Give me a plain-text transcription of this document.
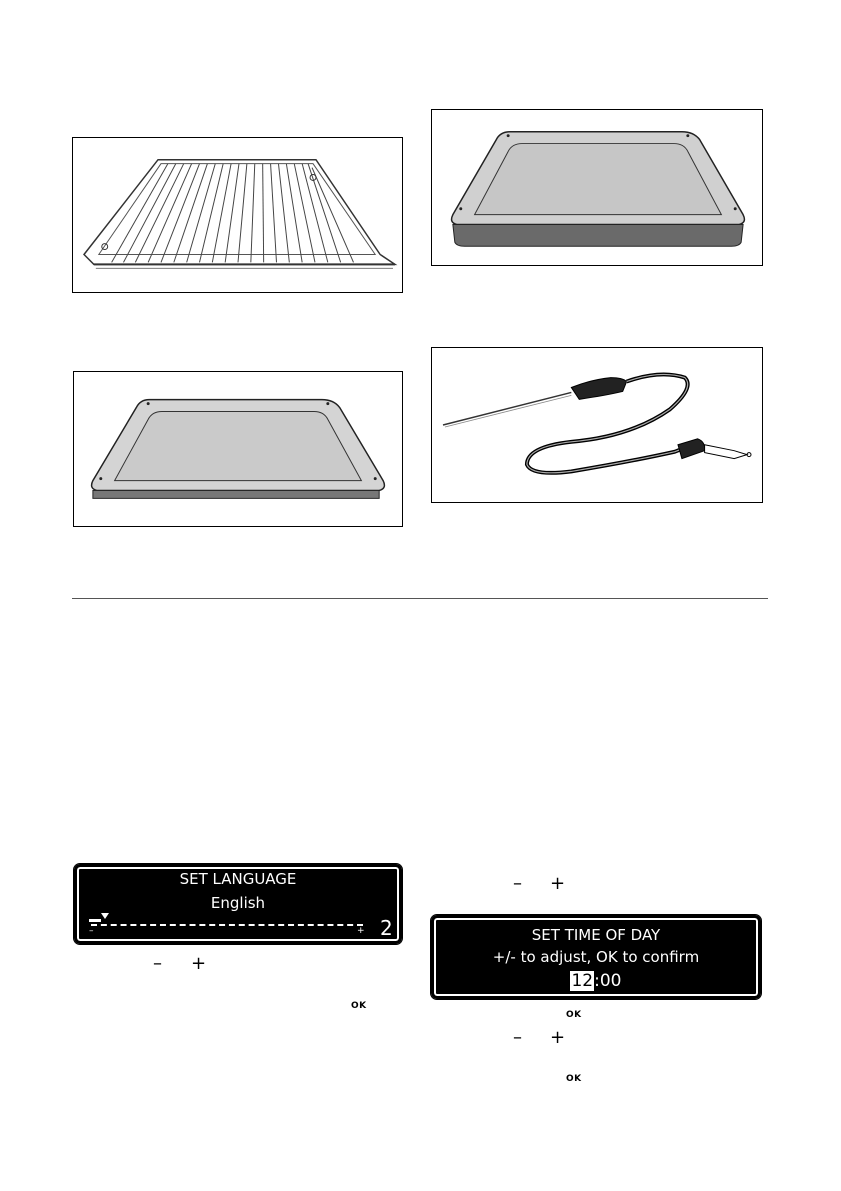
SET LANGUAGE
English
–	+ 2
– +
OK
– +
SET TIME OF DAY
+/- to adjust, OK to confirm
12:00
OK
– +
OK
